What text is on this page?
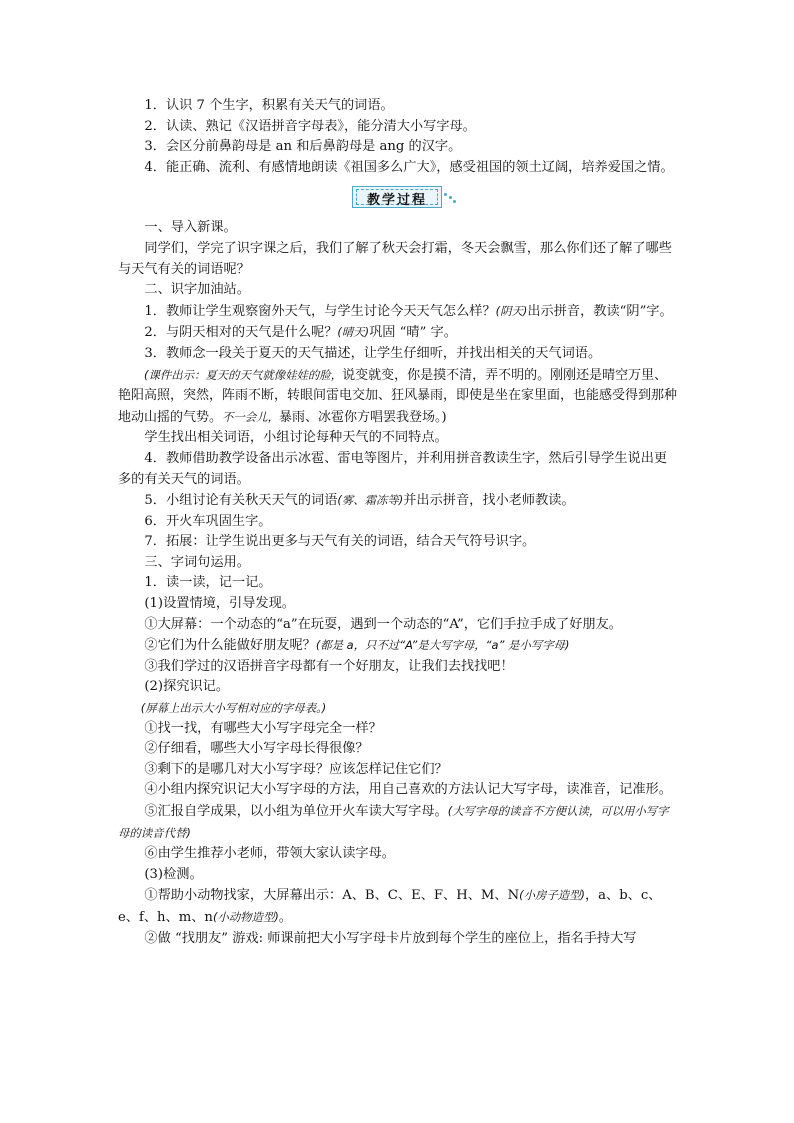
1．认识 7 个生字，积累有关天气的词语。

2．认读、熟记《汉语拼音字母表》，能分清大小写字母。

3．会区分前鼻韵母是 an 和后鼻韵母是 ang 的汉字。

4．能正确、流利、有感情地朗读《祖国多么广大》，感受祖国的领土辽阔，培养爱国之情。

教学过程

一、导入新课。

同学们，学完了识字课之后，我们了解了秋天会打霜，冬天会飘雪，那么你们还了解了哪些与天气有关的词语呢？

二、识字加油站。

1．教师让学生观察窗外天气，与学生讨论今天天气怎么样？(阴天)出示拼音，教读“阴”字。

2．与阴天相对的天气是什么呢？(晴天)巩固 “晴” 字。

3．教师念一段关于夏天的天气描述，让学生仔细听，并找出相关的天气词语。

(课件出示：夏天的天气就像娃娃的脸，说变就变，你是摸不清，弄不明的。刚刚还是晴空万里、艳阳高照，突然，阵雨不断，转眼间雷电交加、狂风暴雨，即使是坐在家里面，也能感受得到那种地动山摇的气势。不一会儿，暴雨、冰雹你方唱罢我登场。)

学生找出相关词语，小组讨论每种天气的不同特点。

4．教师借助教学设备出示冰雹、雷电等图片，并利用拼音教读生字，然后引导学生说出更多的有关天气的词语。

5．小组讨论有关秋天天气的词语(雾、霜冻等)并出示拼音，找小老师教读。

6．开火车巩固生字。

7．拓展：让学生说出更多与天气有关的词语，结合天气符号识字。

三、字词句运用。

1．读一读，记一记。

(1)设置情境，引导发现。

①大屏幕：一个动态的“a”在玩耍，遇到一个动态的“A”，它们手拉手成了好朋友。

②它们为什么能做好朋友呢？(都是 a，只不过“A”是大写字母，“a” 是小写字母)

③我们学过的汉语拼音字母都有一个好朋友，让我们去找找吧！

(2)探究识记。

(屏幕上出示大小写相对应的字母表。)

①找一找，有哪些大小写字母完全一样？

②仔细看，哪些大小写字母长得很像？

③剩下的是哪几对大小写字母？应该怎样记住它们？

④小组内探究识记大小写字母的方法，用自己喜欢的方法认记大写字母，读准音，记准形。

⑤汇报自学成果，以小组为单位开火车读大写字母。(大写字母的读音不方便认读，可以用小写字母的读音代替)

⑥由学生推荐小老师，带领大家认读字母。

(3)检测。

①帮助小动物找家，大屏幕出示：A、B、C、E、F、H、M、N(小房子造型)，a、b、c、e、f、h、m、n(小动物造型)。

②做 “找朋友” 游戏: 师课前把大小写字母卡片放到每个学生的座位上，指名手持大写
